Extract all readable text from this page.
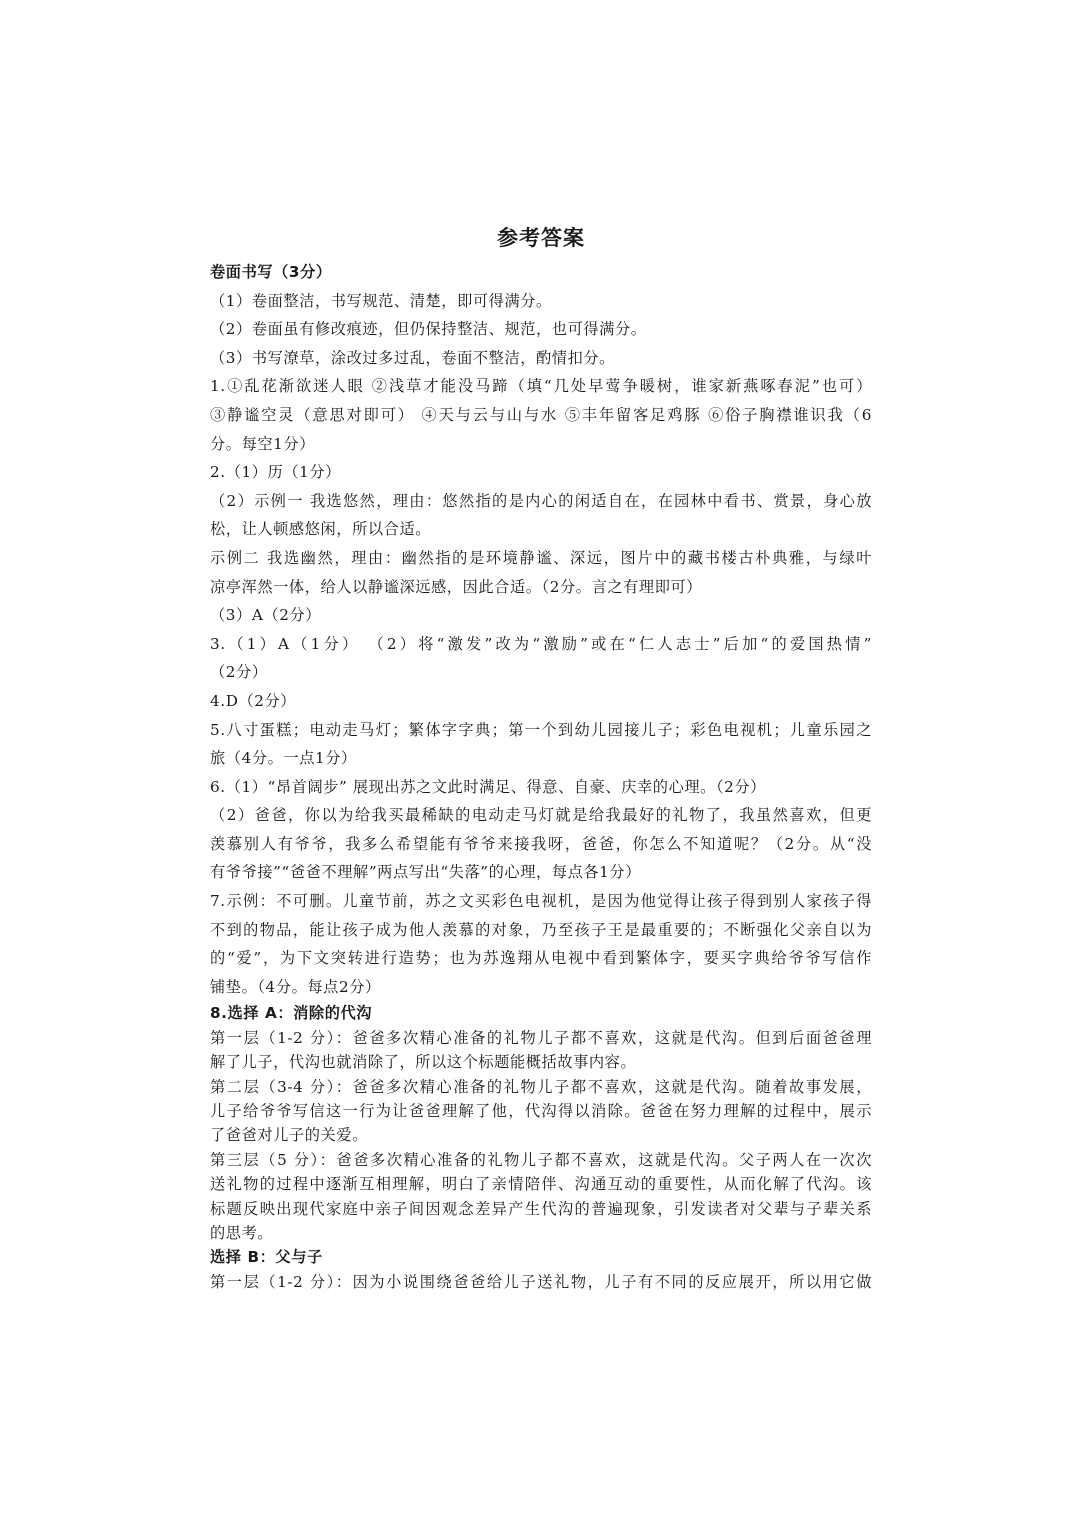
参考答案
卷面书写（3分）
（1）卷面整洁，书写规范、清楚，即可得满分。
（2）卷面虽有修改痕迹，但仍保持整洁、规范，也可得满分。
（3）书写潦草，涂改过多过乱，卷面不整洁，酌情扣分。
1.①乱花渐欲迷人眼 ②浅草才能没马蹄（填“几处早莺争暖树，谁家新燕啄春泥”也可）
③静谧空灵（意思对即可） ④天与云与山与水 ⑤丰年留客足鸡豚 ⑥俗子胸襟谁识我（6
分。每空1分）
2.（1）历（1分）
（2）示例一 我选悠然，理由：悠然指的是内心的闲适自在，在园林中看书、赏景，身心放
松，让人顿感悠闲，所以合适。
示例二 我选幽然，理由：幽然指的是环境静谧、深远，图片中的藏书楼古朴典雅，与绿叶
凉亭浑然一体，给人以静谧深远感，因此合适。（2分。言之有理即可）
（3）A（2分）
3.（1）A（1分） （2）将“激发”改为“激励”或在“仁人志士”后加“的爱国热情”
（2分）
4.D（2分）
5.八寸蛋糕；电动走马灯；繁体字字典；第一个到幼儿园接儿子；彩色电视机；儿童乐园之
旅（4分。一点1分）
6.（1）“昂首阔步” 展现出苏之文此时满足、得意、自豪、庆幸的心理。（2分）
（2）爸爸，你以为给我买最稀缺的电动走马灯就是给我最好的礼物了，我虽然喜欢，但更
羡慕别人有爷爷，我多么希望能有爷爷来接我呀，爸爸，你怎么不知道呢？（2分。从“没
有爷爷接”“爸爸不理解”两点写出“失落”的心理，每点各1分）
7.示例：不可删。儿童节前，苏之文买彩色电视机，是因为他觉得让孩子得到别人家孩子得
不到的物品，能让孩子成为他人羡慕的对象，乃至孩子王是最重要的；不断强化父亲自以为
的“爱”，为下文突转进行造势；也为苏逸翔从电视中看到繁体字，要买字典给爷爷写信作
铺垫。（4分。每点2分）
8.选择 A：消除的代沟
第一层（1-2 分）：爸爸多次精心准备的礼物儿子都不喜欢，这就是代沟。但到后面爸爸理
解了儿子，代沟也就消除了，所以这个标题能概括故事内容。
第二层（3-4 分）：爸爸多次精心准备的礼物儿子都不喜欢，这就是代沟。随着故事发展，
儿子给爷爷写信这一行为让爸爸理解了他，代沟得以消除。爸爸在努力理解的过程中，展示
了爸爸对儿子的关爱。
第三层（5 分）：爸爸多次精心准备的礼物儿子都不喜欢，这就是代沟。父子两人在一次次
送礼物的过程中逐渐互相理解，明白了亲情陪伴、沟通互动的重要性，从而化解了代沟。该
标题反映出现代家庭中亲子间因观念差异产生代沟的普遍现象，引发读者对父辈与子辈关系
的思考。
选择 B：父与子
第一层（1-2 分）：因为小说围绕爸爸给儿子送礼物，儿子有不同的反应展开，所以用它做
